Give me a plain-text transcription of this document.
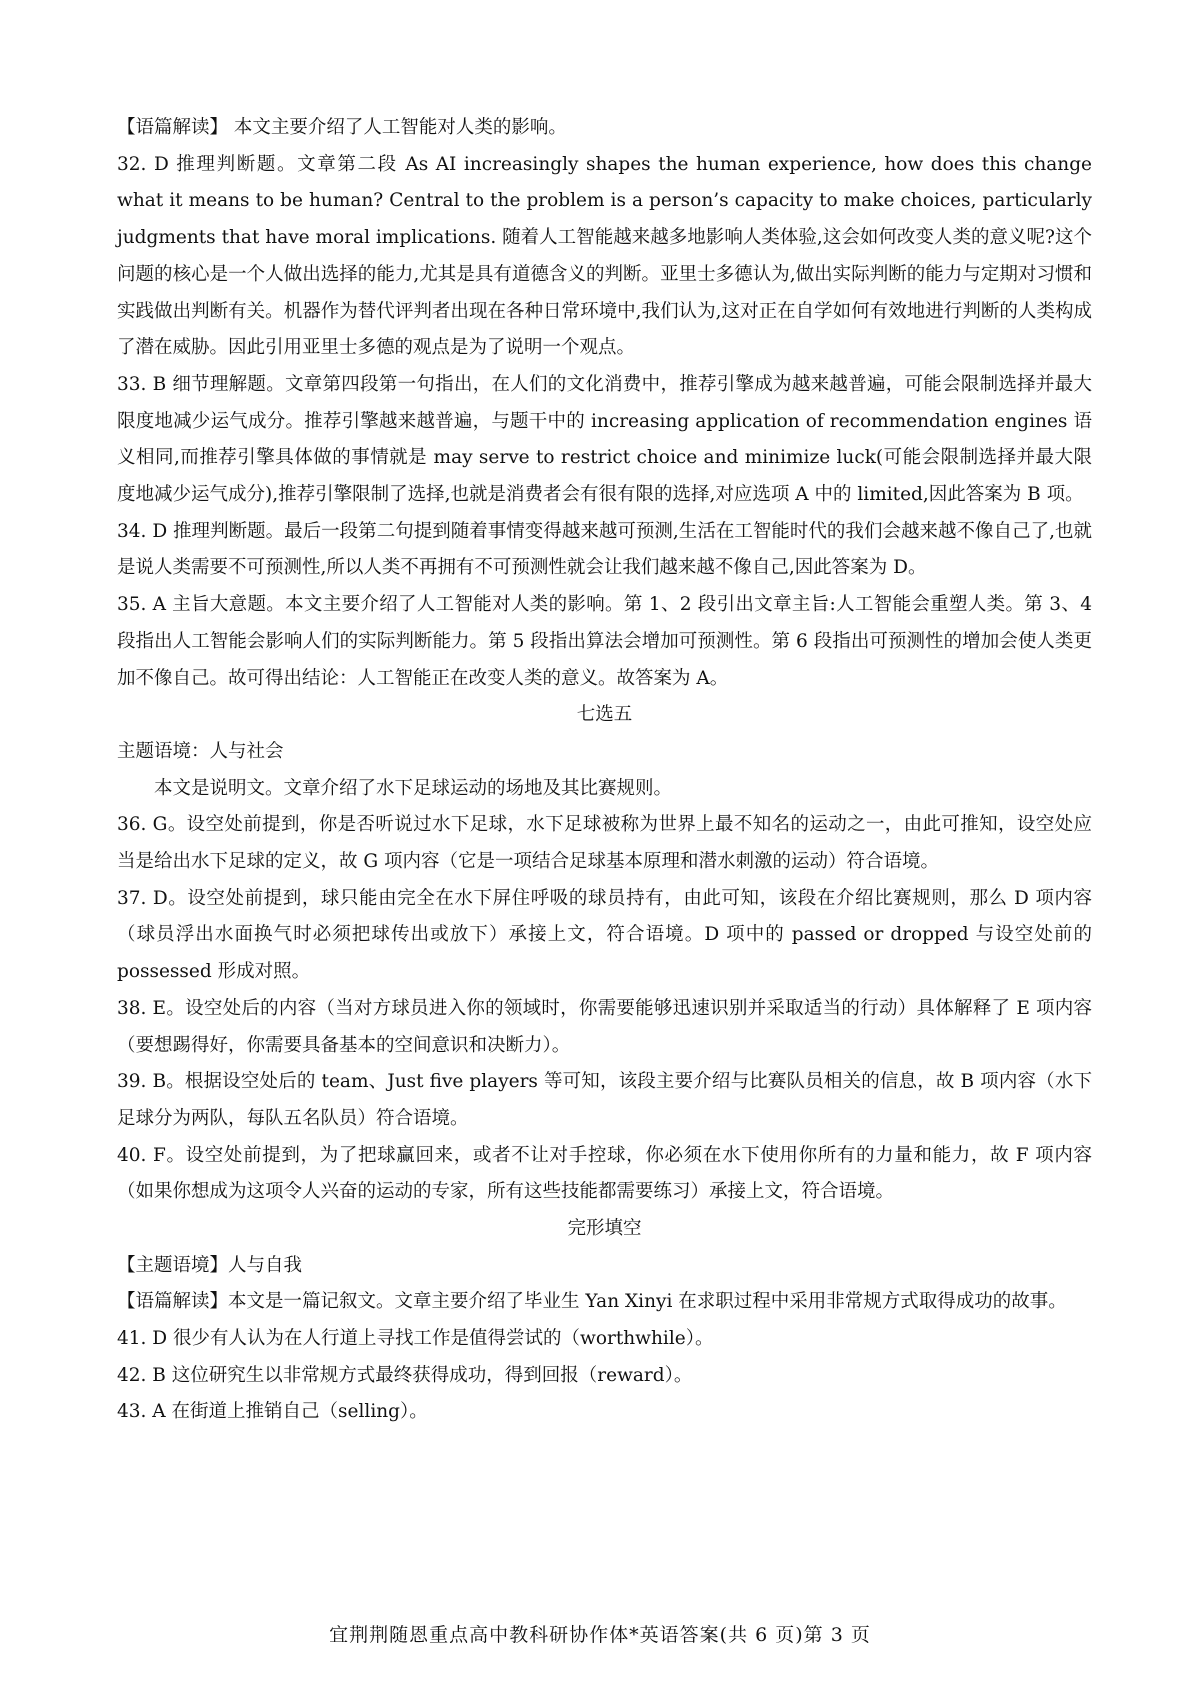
【语篇解读】 本文主要介绍了人工智能对人类的影响。
32. D 推理判断题。文章第二段 As AI increasingly shapes the human experience, how does this change what it means to be human? Central to the problem is a person’s capacity to make choices, particularly judgments that have moral implications. 随着人工智能越来越多地影响人类体验,这会如何改变人类的意义呢?这个问题的核心是一个人做出选择的能力,尤其是具有道德含义的判断。亚里士多德认为,做出实际判断的能力与定期对习惯和实践做出判断有关。机器作为替代评判者出现在各种日常环境中,我们认为,这对正在自学如何有效地进行判断的人类构成了潜在威胁。因此引用亚里士多德的观点是为了说明一个观点。
33. B 细节理解题。文章第四段第一句指出，在人们的文化消费中，推荐引擎成为越来越普遍，可能会限制选择并最大限度地减少运气成分。推荐引擎越来越普遍，与题干中的 increasing application of recommendation engines 语义相同,而推荐引擎具体做的事情就是 may serve to restrict choice and minimize luck(可能会限制选择并最大限度地减少运气成分),推荐引擎限制了选择,也就是消费者会有很有限的选择,对应选项 A 中的 limited,因此答案为 B 项。
34. D 推理判断题。最后一段第二句提到随着事情变得越来越可预测,生活在工智能时代的我们会越来越不像自己了,也就是说人类需要不可预测性,所以人类不再拥有不可预测性就会让我们越来越不像自己,因此答案为 D。
35. A 主旨大意题。本文主要介绍了人工智能对人类的影响。第 1、2 段引出文章主旨:人工智能会重塑人类。第 3、4 段指出人工智能会影响人们的实际判断能力。第 5 段指出算法会增加可预测性。第 6 段指出可预测性的增加会使人类更加不像自己。故可得出结论：人工智能正在改变人类的意义。故答案为 A。
七选五
主题语境：人与社会
本文是说明文。文章介绍了水下足球运动的场地及其比赛规则。
36. G。设空处前提到，你是否听说过水下足球，水下足球被称为世界上最不知名的运动之一，由此可推知，设空处应当是给出水下足球的定义，故 G 项内容（它是一项结合足球基本原理和潜水刺激的运动）符合语境。
37. D。设空处前提到，球只能由完全在水下屏住呼吸的球员持有，由此可知，该段在介绍比赛规则，那么 D 项内容（球员浮出水面换气时必须把球传出或放下）承接上文，符合语境。D 项中的 passed or dropped 与设空处前的 possessed 形成对照。
38. E。设空处后的内容（当对方球员进入你的领域时，你需要能够迅速识别并采取适当的行动）具体解释了 E 项内容（要想踢得好，你需要具备基本的空间意识和决断力）。
39. B。根据设空处后的 team、Just five players 等可知，该段主要介绍与比赛队员相关的信息，故 B 项内容（水下足球分为两队，每队五名队员）符合语境。
40. F。设空处前提到，为了把球赢回来，或者不让对手控球，你必须在水下使用你所有的力量和能力，故 F 项内容（如果你想成为这项令人兴奋的运动的专家，所有这些技能都需要练习）承接上文，符合语境。
完形填空
【主题语境】人与自我
【语篇解读】本文是一篇记叙文。文章主要介绍了毕业生 Yan Xinyi 在求职过程中采用非常规方式取得成功的故事。
41. D 很少有人认为在人行道上寻找工作是值得尝试的（worthwhile）。
42. B 这位研究生以非常规方式最终获得成功，得到回报（reward）。
43. A 在街道上推销自己（selling）。
宜荆荆随恩重点高中教科研协作体*英语答案(共 6 页)第 3 页
